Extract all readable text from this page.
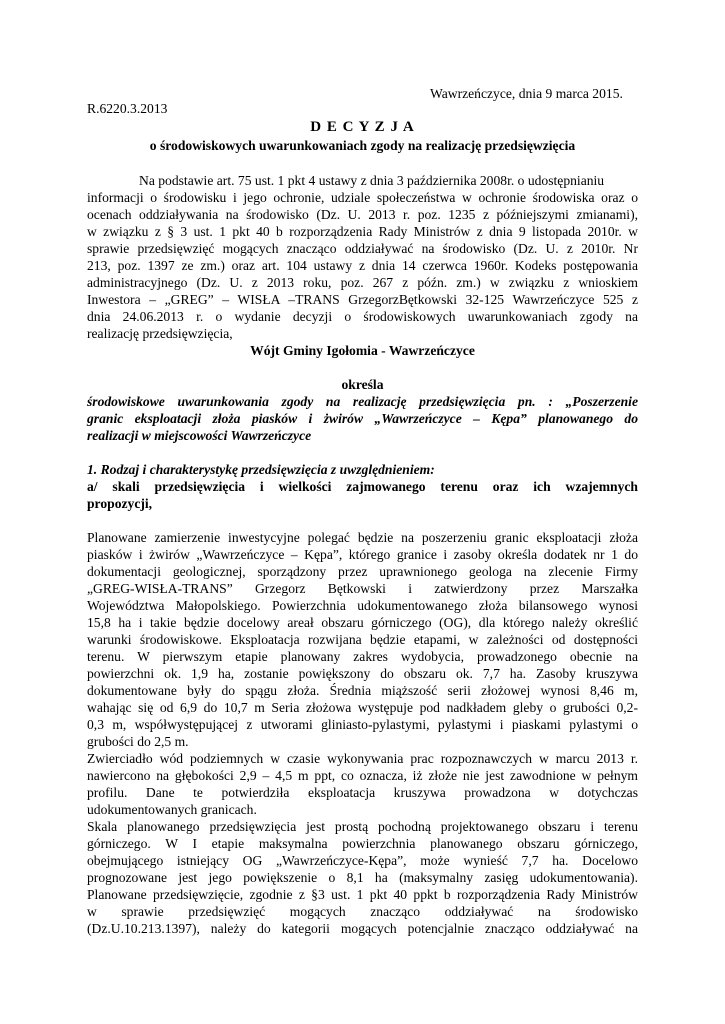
Wawrzeńczyce, dnia 9 marca 2015.

R.6220.3.2013

D E C Y Z J A

o środowiskowych uwarunkowaniach zgody na realizację przedsięwzięcia

Na podstawie art. 75 ust. 1 pkt 4 ustawy z dnia 3 października 2008r. o udostępnianiu

informacji o środowisku i jego ochronie, udziale społeczeństwa w ochronie środowiska oraz o

ocenach oddziaływania na środowisko (Dz. U. 2013 r. poz. 1235 z późniejszymi zmianami),

w związku z § 3 ust. 1 pkt 40 b rozporządzenia Rady Ministrów z dnia 9 listopada 2010r. w

sprawie przedsięwzięć mogących znacząco oddziaływać na środowisko (Dz. U. z 2010r. Nr

213, poz. 1397 ze zm.) oraz art. 104 ustawy z dnia 14 czerwca 1960r. Kodeks postępowania

administracyjnego (Dz. U. z 2013 roku, poz. 267 z późn. zm.) w związku z wnioskiem

Inwestora – „GREG” – WISŁA –TRANS GrzegorzBętkowski 32-125 Wawrzeńczyce 525 z

dnia 24.06.2013 r. o wydanie decyzji o środowiskowych uwarunkowaniach zgody na

realizację przedsięwzięcia,

Wójt Gminy Igołomia - Wawrzeńczyce

określa

środowiskowe uwarunkowania zgody na realizację przedsięwzięcia pn. : „Poszerzenie

granic eksploatacji złoża piasków i żwirów „Wawrzeńczyce – Kępa” planowanego do

realizacji w miejscowości Wawrzeńczyce

1. Rodzaj i charakterystykę przedsięwzięcia z uwzględnieniem:

a/ skali przedsięwzięcia i wielkości zajmowanego terenu oraz ich wzajemnych

propozycji,

Planowane zamierzenie inwestycyjne polegać będzie na poszerzeniu granic eksploatacji złoża

piasków i żwirów „Wawrzeńczyce – Kępa”, którego granice i zasoby określa dodatek nr 1 do

dokumentacji geologicznej, sporządzony przez uprawnionego geologa na zlecenie Firmy

„GREG-WISŁA-TRANS” Grzegorz Bętkowski i zatwierdzony przez Marszałka

Województwa Małopolskiego. Powierzchnia udokumentowanego złoża bilansowego wynosi

15,8 ha i takie będzie docelowy areał obszaru górniczego (OG), dla którego należy określić

warunki środowiskowe. Eksploatacja rozwijana będzie etapami, w zależności od dostępności

terenu. W pierwszym etapie planowany zakres wydobycia, prowadzonego obecnie na

powierzchni ok. 1,9 ha, zostanie powiększony do obszaru ok. 7,7 ha. Zasoby kruszywa

dokumentowane były do spągu złoża. Średnia miąższość serii złożowej wynosi 8,46 m,

wahając się od 6,9 do 10,7 m Seria złożowa występuje pod nadkładem gleby o grubości 0,2-

0,3 m, współwystępującej z utworami gliniasto-pylastymi, pylastymi i piaskami pylastymi o

grubości do 2,5 m.

Zwierciadło wód podziemnych w czasie wykonywania prac rozpoznawczych w marcu 2013 r.

nawiercono na głębokości 2,9 – 4,5 m ppt, co oznacza, iż złoże nie jest zawodnione w pełnym

profilu. Dane te potwierdziła eksploatacja kruszywa prowadzona w dotychczas

udokumentowanych granicach.

Skala planowanego przedsięwzięcia jest prostą pochodną projektowanego obszaru i terenu

górniczego. W I etapie maksymalna powierzchnia planowanego obszaru górniczego,

obejmującego istniejący OG „Wawrzeńczyce-Kępa”, może wynieść 7,7 ha. Docelowo

prognozowane jest jego powiększenie o 8,1 ha (maksymalny zasięg udokumentowania).

Planowane przedsięwzięcie, zgodnie z §3 ust. 1 pkt 40 ppkt b rozporządzenia Rady Ministrów

w sprawie przedsięwzięć mogących znacząco oddziaływać na środowisko

(Dz.U.10.213.1397), należy do kategorii mogących potencjalnie znacząco oddziaływać na
